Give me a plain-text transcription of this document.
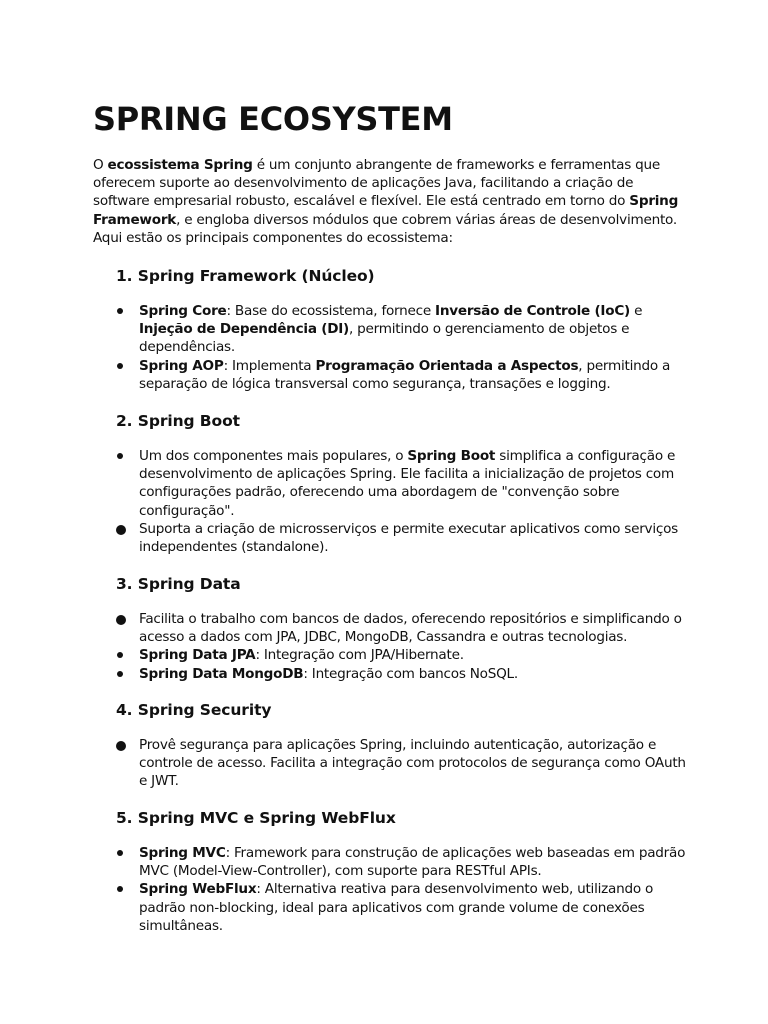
SPRING ECOSYSTEM

O ecossistema Spring é um conjunto abrangente de frameworks e ferramentas que oferecem suporte ao desenvolvimento de aplicações Java, facilitando a criação de software empresarial robusto, escalável e flexível. Ele está centrado em torno do Spring Framework, e engloba diversos módulos que cobrem várias áreas de desenvolvimento. Aqui estão os principais componentes do ecossistema:

1. Spring Framework (Núcleo)
Spring Core: Base do ecossistema, fornece Inversão de Controle (IoC) e Injeção de Dependência (DI), permitindo o gerenciamento de objetos e dependências.
Spring AOP: Implementa Programação Orientada a Aspectos, permitindo a separação de lógica transversal como segurança, transações e logging.
2. Spring Boot
Um dos componentes mais populares, o Spring Boot simplifica a configuração e desenvolvimento de aplicações Spring. Ele facilita a inicialização de projetos com configurações padrão, oferecendo uma abordagem de "convenção sobre configuração".
Suporta a criação de microsserviços e permite executar aplicativos como serviços independentes (standalone).
3. Spring Data
Facilita o trabalho com bancos de dados, oferecendo repositórios e simplificando o acesso a dados com JPA, JDBC, MongoDB, Cassandra e outras tecnologias.
Spring Data JPA: Integração com JPA/Hibernate.
Spring Data MongoDB: Integração com bancos NoSQL.
4. Spring Security
Provê segurança para aplicações Spring, incluindo autenticação, autorização e controle de acesso. Facilita a integração com protocolos de segurança como OAuth e JWT.
5. Spring MVC e Spring WebFlux
Spring MVC: Framework para construção de aplicações web baseadas em padrão MVC (Model-View-Controller), com suporte para RESTful APIs.
Spring WebFlux: Alternativa reativa para desenvolvimento web, utilizando o padrão non-blocking, ideal para aplicativos com grande volume de conexões simultâneas.
